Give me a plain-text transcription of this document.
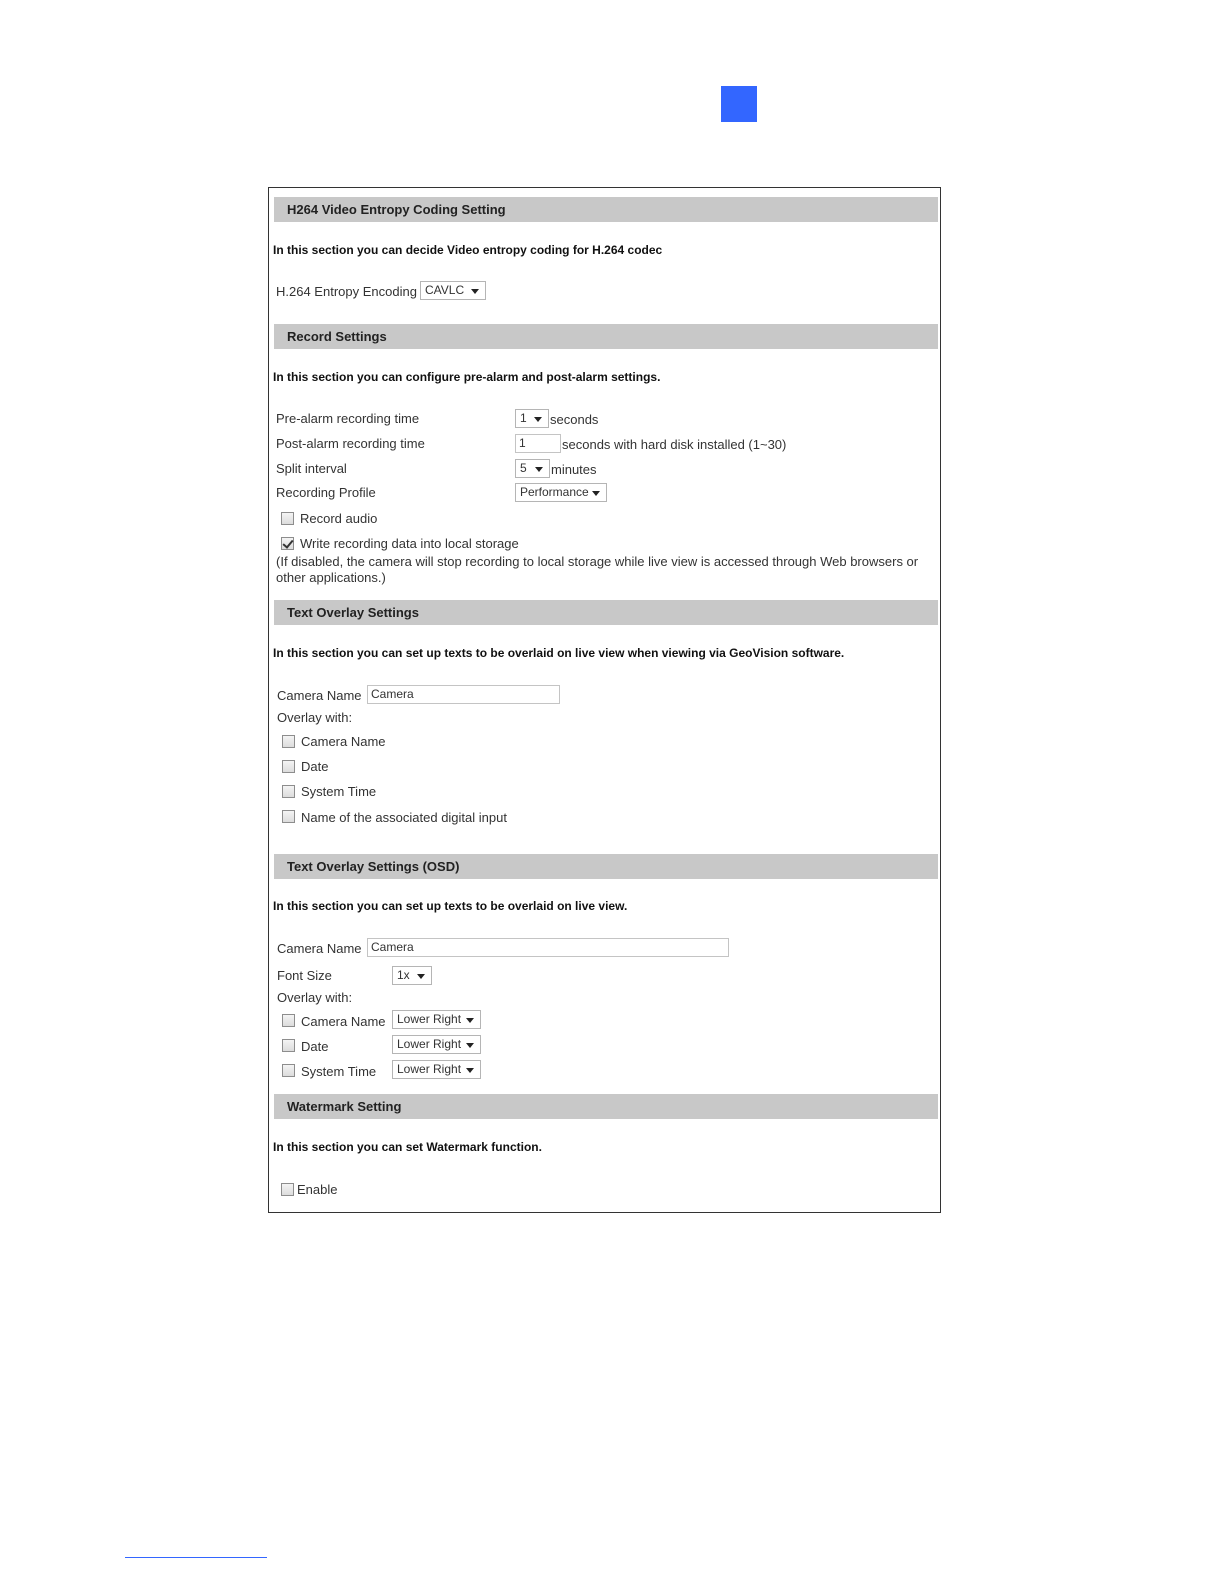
H264 Video Entropy Coding Setting
In this section you can decide Video entropy coding for H.264 codec
H.264 Entropy Encoding CAVLC
Record Settings
In this section you can configure pre-alarm and post-alarm settings.
Pre-alarm recording time	1	seconds
Post-alarm recording time	1	seconds with hard disk installed (1~30)
Split interval	5	minutes
Recording Profile	Performance
Record audio
Write recording data into local storage
(If disabled, the camera will stop recording to local storage while live view is accessed through Web browsers or other applications.)
Text Overlay Settings
In this section you can set up texts to be overlaid on live view when viewing via GeoVision software.
Camera Name Camera
Overlay with:
Camera Name
Date
System Time
Name of the associated digital input
Text Overlay Settings (OSD)
In this section you can set up texts to be overlaid on live view.
Camera Name Camera
Font Size	1x
Overlay with:
Camera Name Lower Right
Date	Lower Right
System Time	Lower Right
Watermark Setting
In this section you can set Watermark function.
Enable
